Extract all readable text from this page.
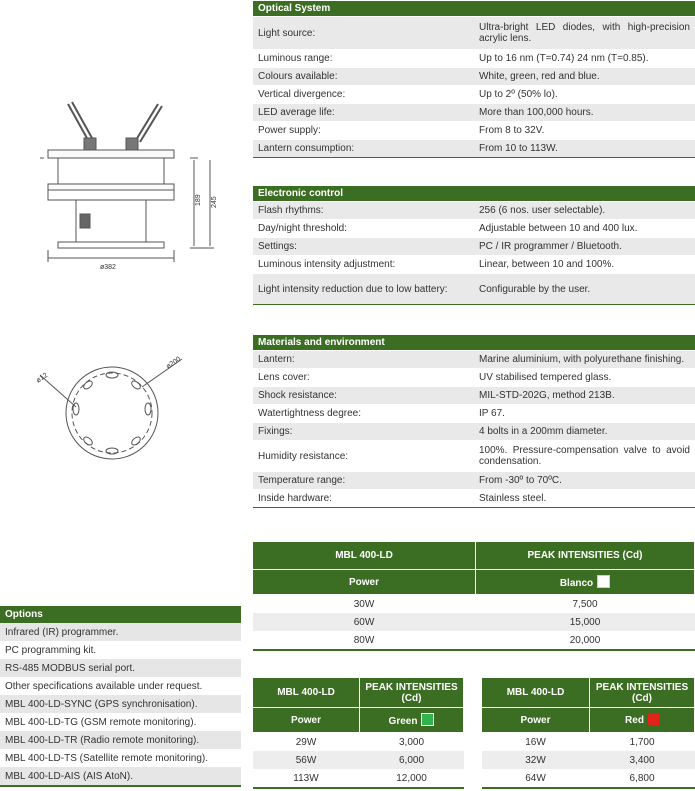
189 245
ø382
ø12
ø200
Optical System	
Light source:	Ultra-bright LED diodes, with high-precision acrylic lens.
Luminous range:	Up to 16 nm (T=0.74) 24 nm (T=0.85).
Colours available:	White, green, red and blue.
Vertical divergence:	Up to 2º (50% lo).
LED average life:	More than 100,000 hours.
Power supply:	From 8 to 32V.
Lantern consumption:	From 10 to 113W.
Electronic control	
Flash rhythms:	256 (6 nos. user selectable).
Day/night threshold:	Adjustable between 10 and 400 lux.
Settings:	PC / IR programmer / Bluetooth.
Luminous intensity adjustment:	Linear, between 10 and 100%.
Light intensity reduction due to low battery:	Configurable by the user.
Materials and environment	
Lantern:	Marine aluminium, with polyurethane finishing.
Lens cover:	UV stabilised tempered glass.
Shock resistance:	MIL-STD-202G, method 213B.
Watertightness degree:	IP 67.
Fixings:	4 bolts in a 200mm diameter.
Humidity resistance:	100%. Pressure-compensation valve to avoid condensation.
Temperature range:	From -30º to 70ºC.
Inside hardware:	Stainless steel.
MBL 400-LD	PEAK INTENSITIES (Cd)
Power	Blanco
30W	7,500
60W	15,000
80W	20,000
MBL 400-LD	PEAK INTENSITIES (Cd)
Power	Green
29W	3,000
56W	6,000
113W	12,000
MBL 400-LD	PEAK INTENSITIES (Cd)
Power	Red
16W	1,700
32W	3,400
64W	6,800
Options
Infrared (IR) programmer.
PC programming kit.
RS-485 MODBUS serial port.
Other specifications available under request.
MBL 400-LD-SYNC (GPS synchronisation).
MBL 400-LD-TG (GSM remote monitoring).
MBL 400-LD-TR (Radio remote monitoring).
MBL 400-LD-TS (Satellite remote monitoring).
MBL 400-LD-AIS (AIS AtoN).
